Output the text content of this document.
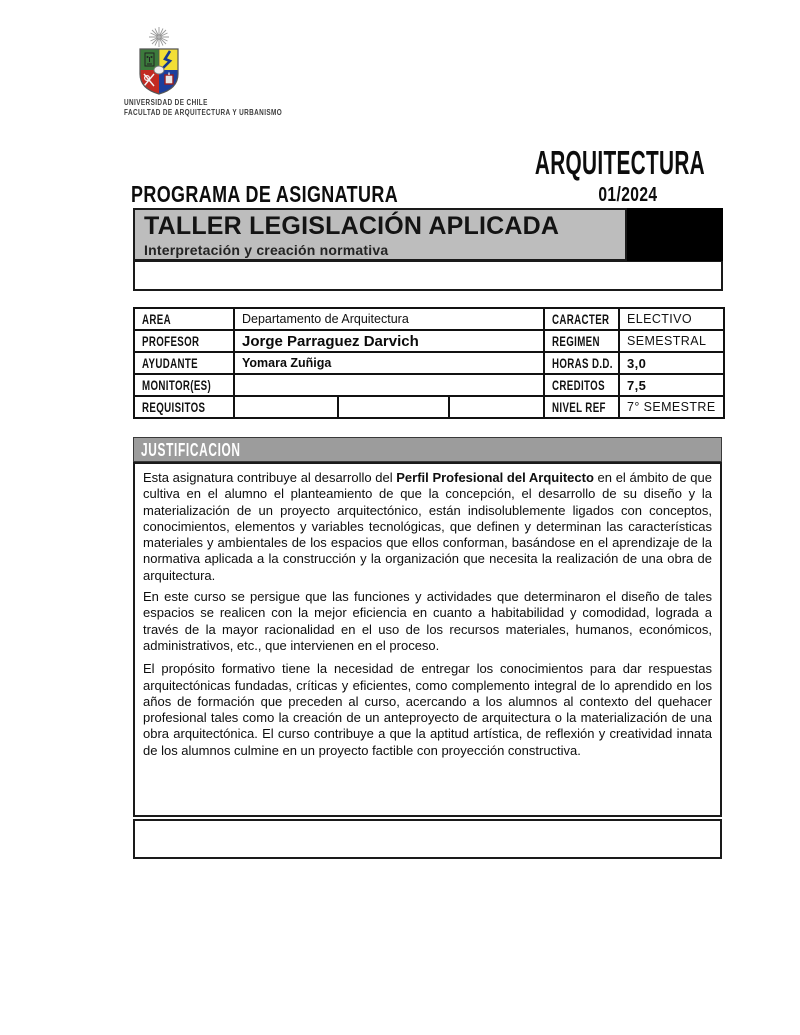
UNIVERSIDAD DE CHILE
FACULTAD DE ARQUITECTURA Y URBANISMO
ARQUITECTURA
PROGRAMA DE ASIGNATURA	01/2024
TALLER LEGISLACIÓN APLICADA
Interpretación y creación normativa
AREA	Departamento de Arquitectura			CARACTER	ELECTIVO
PROFESOR	Jorge Parraguez Darvich			REGIMEN	SEMESTRAL
AYUDANTE	Yomara Zuñiga			HORAS D.D.	3,0
MONITOR(ES)				CREDITOS	7,5
REQUISITOS				NIVEL REF	7° SEMESTRE
JUSTIFICACION

Esta asignatura contribuye al desarrollo del Perfil Profesional del Arquitecto en el ámbito de que cultiva en el alumno el planteamiento de que la concepción, el desarrollo de su diseño y la materialización de un proyecto arquitectónico, están indisolublemente ligados con conceptos, conocimientos, elementos y variables tecnológicas, que definen y determinan las características materiales y ambientales de los espacios que ellos conforman, basándose en el aprendizaje de la normativa aplicada a la construcción y la organización que necesita la realización de una obra de arquitectura.

En este curso se persigue que las funciones y actividades que determinaron el diseño de tales espacios se realicen con la mejor eficiencia en cuanto a habitabilidad y comodidad, lograda a través de la mayor racionalidad en el uso de los recursos materiales, humanos, económicos, administrativos, etc., que intervienen en el proceso.

El propósito formativo tiene la necesidad de entregar los conocimientos para dar respuestas arquitectónicas fundadas, críticas y eficientes, como complemento integral de lo aprendido en los años de formación que preceden al curso, acercando a los alumnos al contexto del quehacer profesional tales como la creación de un anteproyecto de arquitectura o la materialización de una obra arquitectónica. El curso contribuye a que la aptitud artística, de reflexión y creatividad innata de los alumnos culmine en un proyecto factible con proyección constructiva.
